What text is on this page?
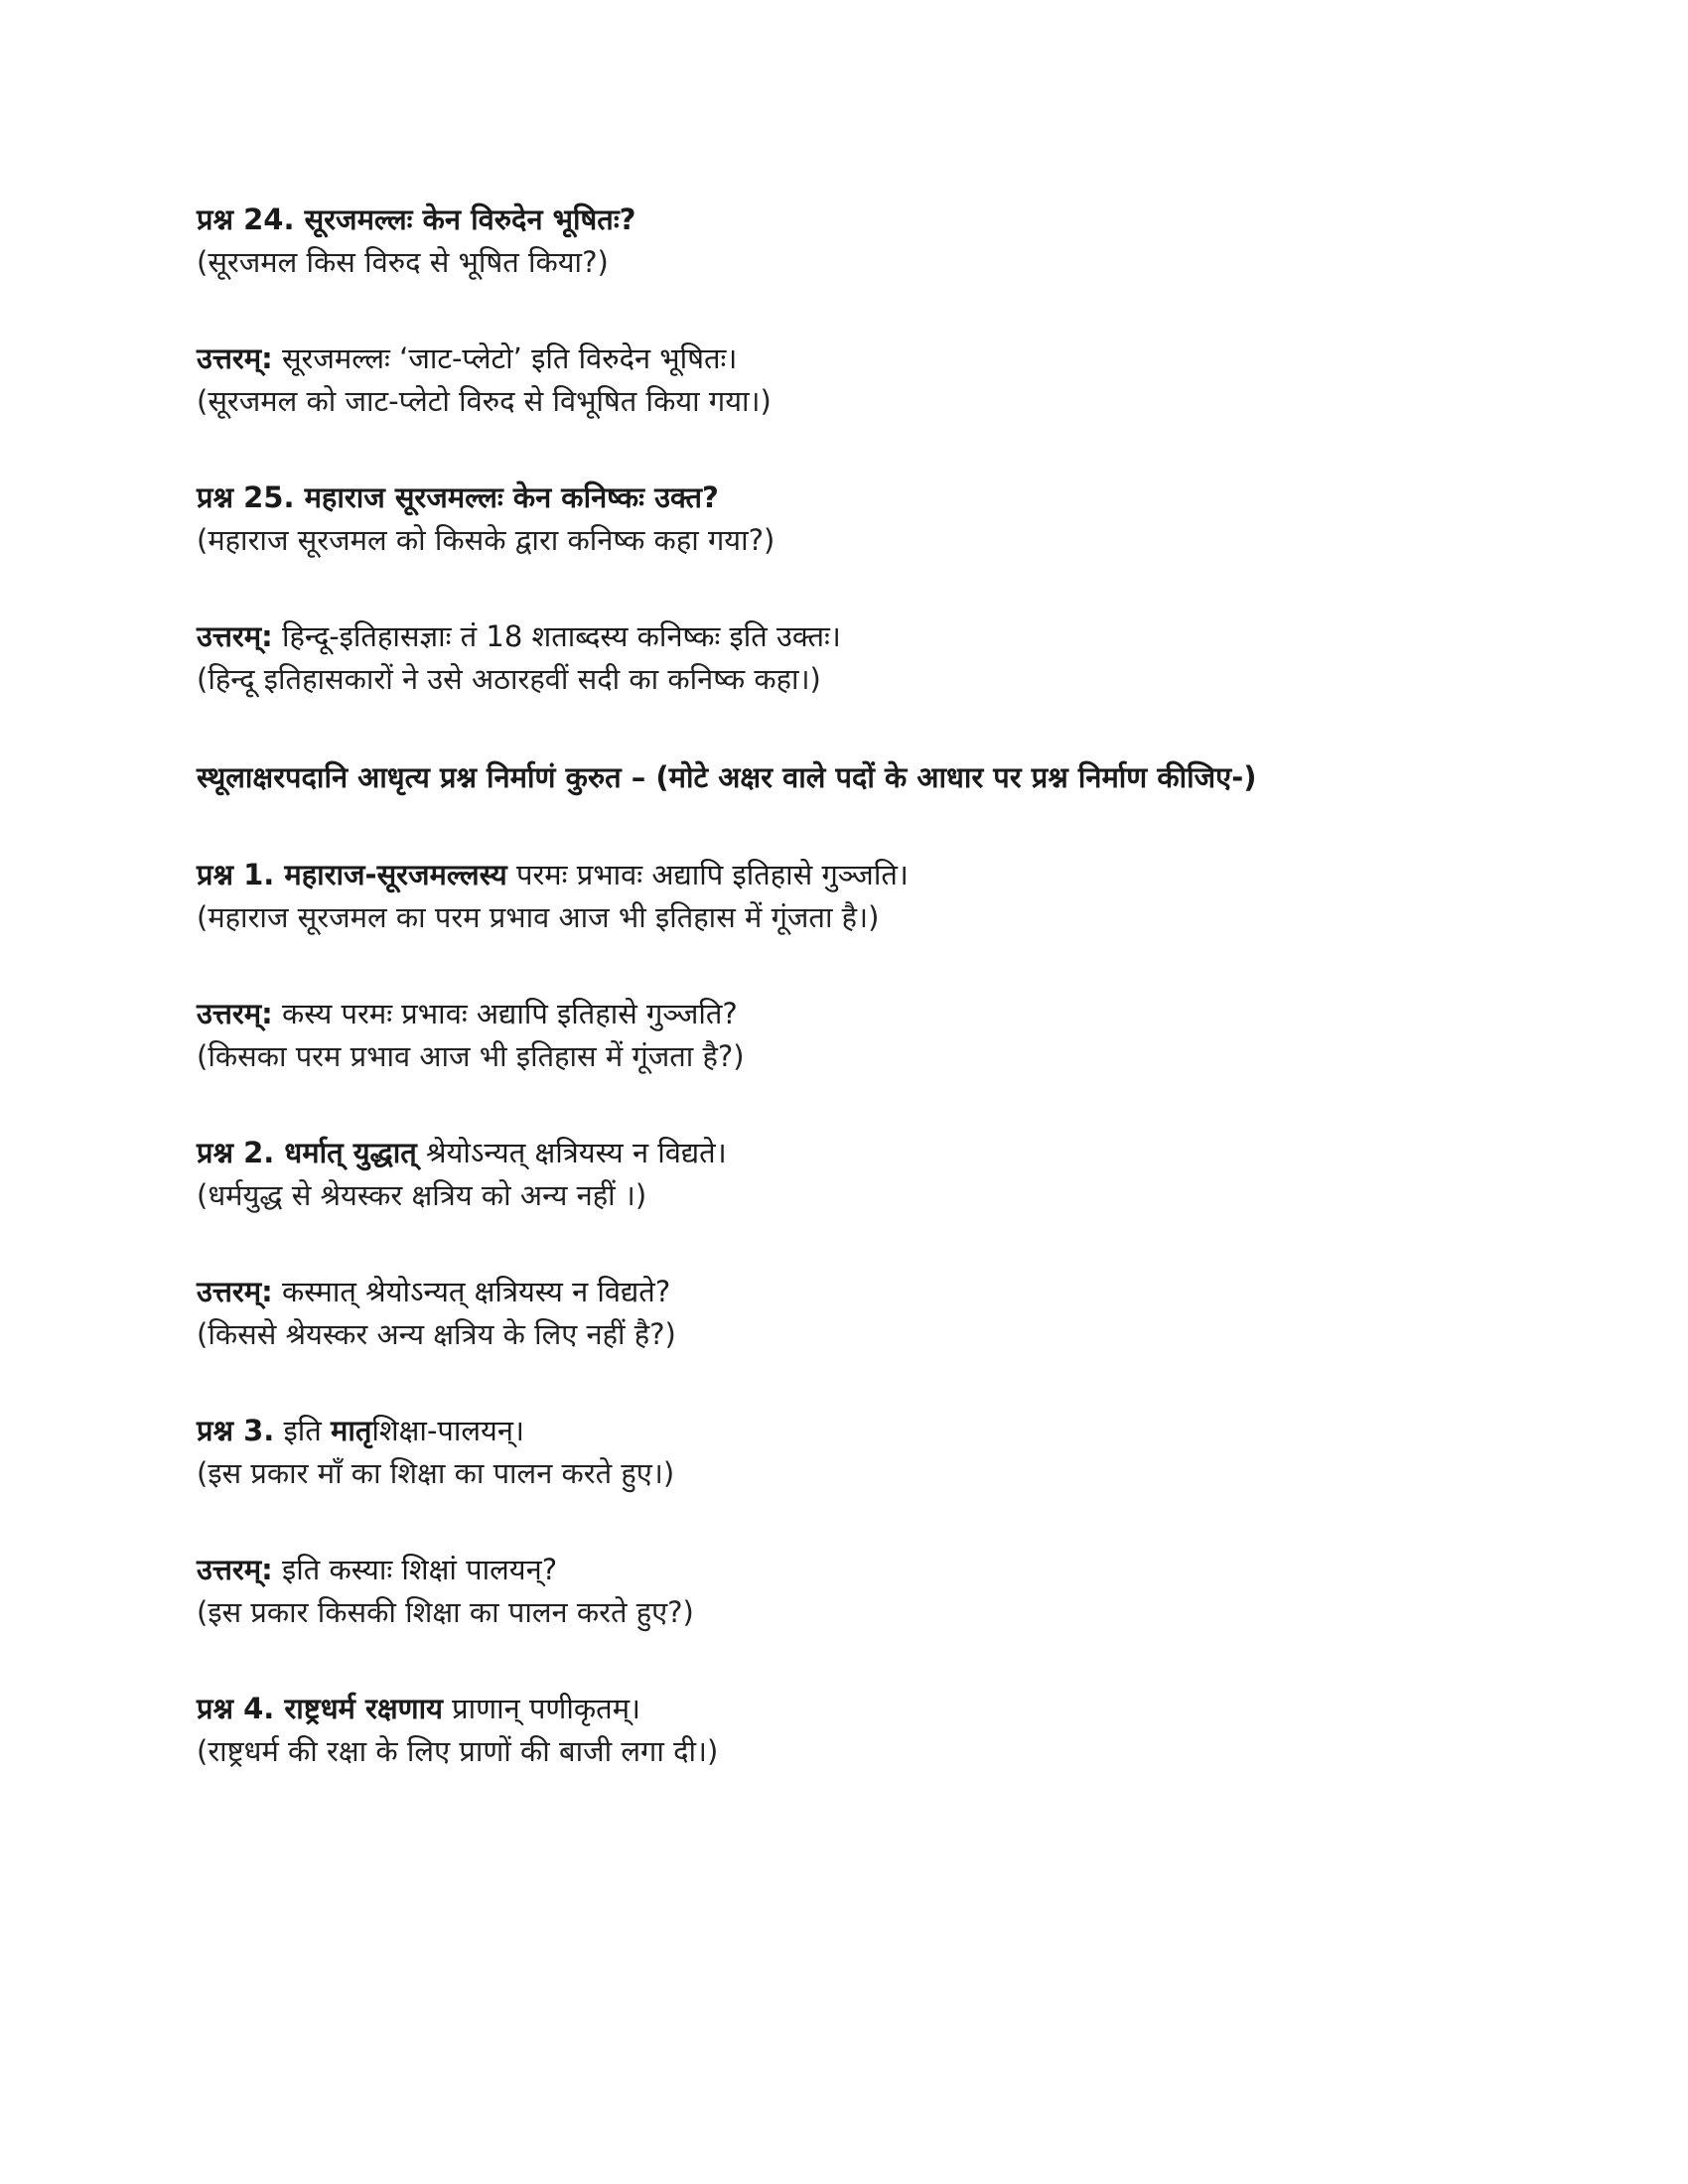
प्रश्न 24. सूरजमल्लः केन विरुदेन भूषितः?
(सूरजमल किस विरुद से भूषित किया?)
उत्तरम्: सूरजमल्लः ‘जाट-प्लेटो’ इति विरुदेन भूषितः।
(सूरजमल को जाट-प्लेटो विरुद से विभूषित किया गया।)
प्रश्न 25. महाराज सूरजमल्लः केन कनिष्कः उक्त?
(महाराज सूरजमल को किसके द्वारा कनिष्क कहा गया?)
उत्तरम्: हिन्दू-इतिहासज्ञाः तं 18 शताब्दस्य कनिष्कः इति उक्तः।
(हिन्दू इतिहासकारों ने उसे अठारहवीं सदी का कनिष्क कहा।)
स्थूलाक्षरपदानि आधृत्य प्रश्न निर्माणं कुरुत – (मोटे अक्षर वाले पदों के आधार पर प्रश्न निर्माण कीजिए-)
प्रश्न 1. महाराज-सूरजमल्लस्य परमः प्रभावः अद्यापि इतिहासे गुञ्जति।
(महाराज सूरजमल का परम प्रभाव आज भी इतिहास में गूंजता है।)
उत्तरम्: कस्य परमः प्रभावः अद्यापि इतिहासे गुञ्जति?
(किसका परम प्रभाव आज भी इतिहास में गूंजता है?)
प्रश्न 2. धर्मात् युद्धात् श्रेयोऽन्यत् क्षत्रियस्य न विद्यते।
(धर्मयुद्ध से श्रेयस्कर क्षत्रिय को अन्य नहीं ।)
उत्तरम्: कस्मात् श्रेयोऽन्यत् क्षत्रियस्य न विद्यते?
(किससे श्रेयस्कर अन्य क्षत्रिय के लिए नहीं है?)
प्रश्न 3. इति मातृशिक्षा-पालयन्।
(इस प्रकार माँ का शिक्षा का पालन करते हुए।)
उत्तरम्: इति कस्याः शिक्षां पालयन्?
(इस प्रकार किसकी शिक्षा का पालन करते हुए?)
प्रश्न 4. राष्ट्रधर्म रक्षणाय प्राणान् पणीकृतम्।
(राष्ट्रधर्म की रक्षा के लिए प्राणों की बाजी लगा दी।)
